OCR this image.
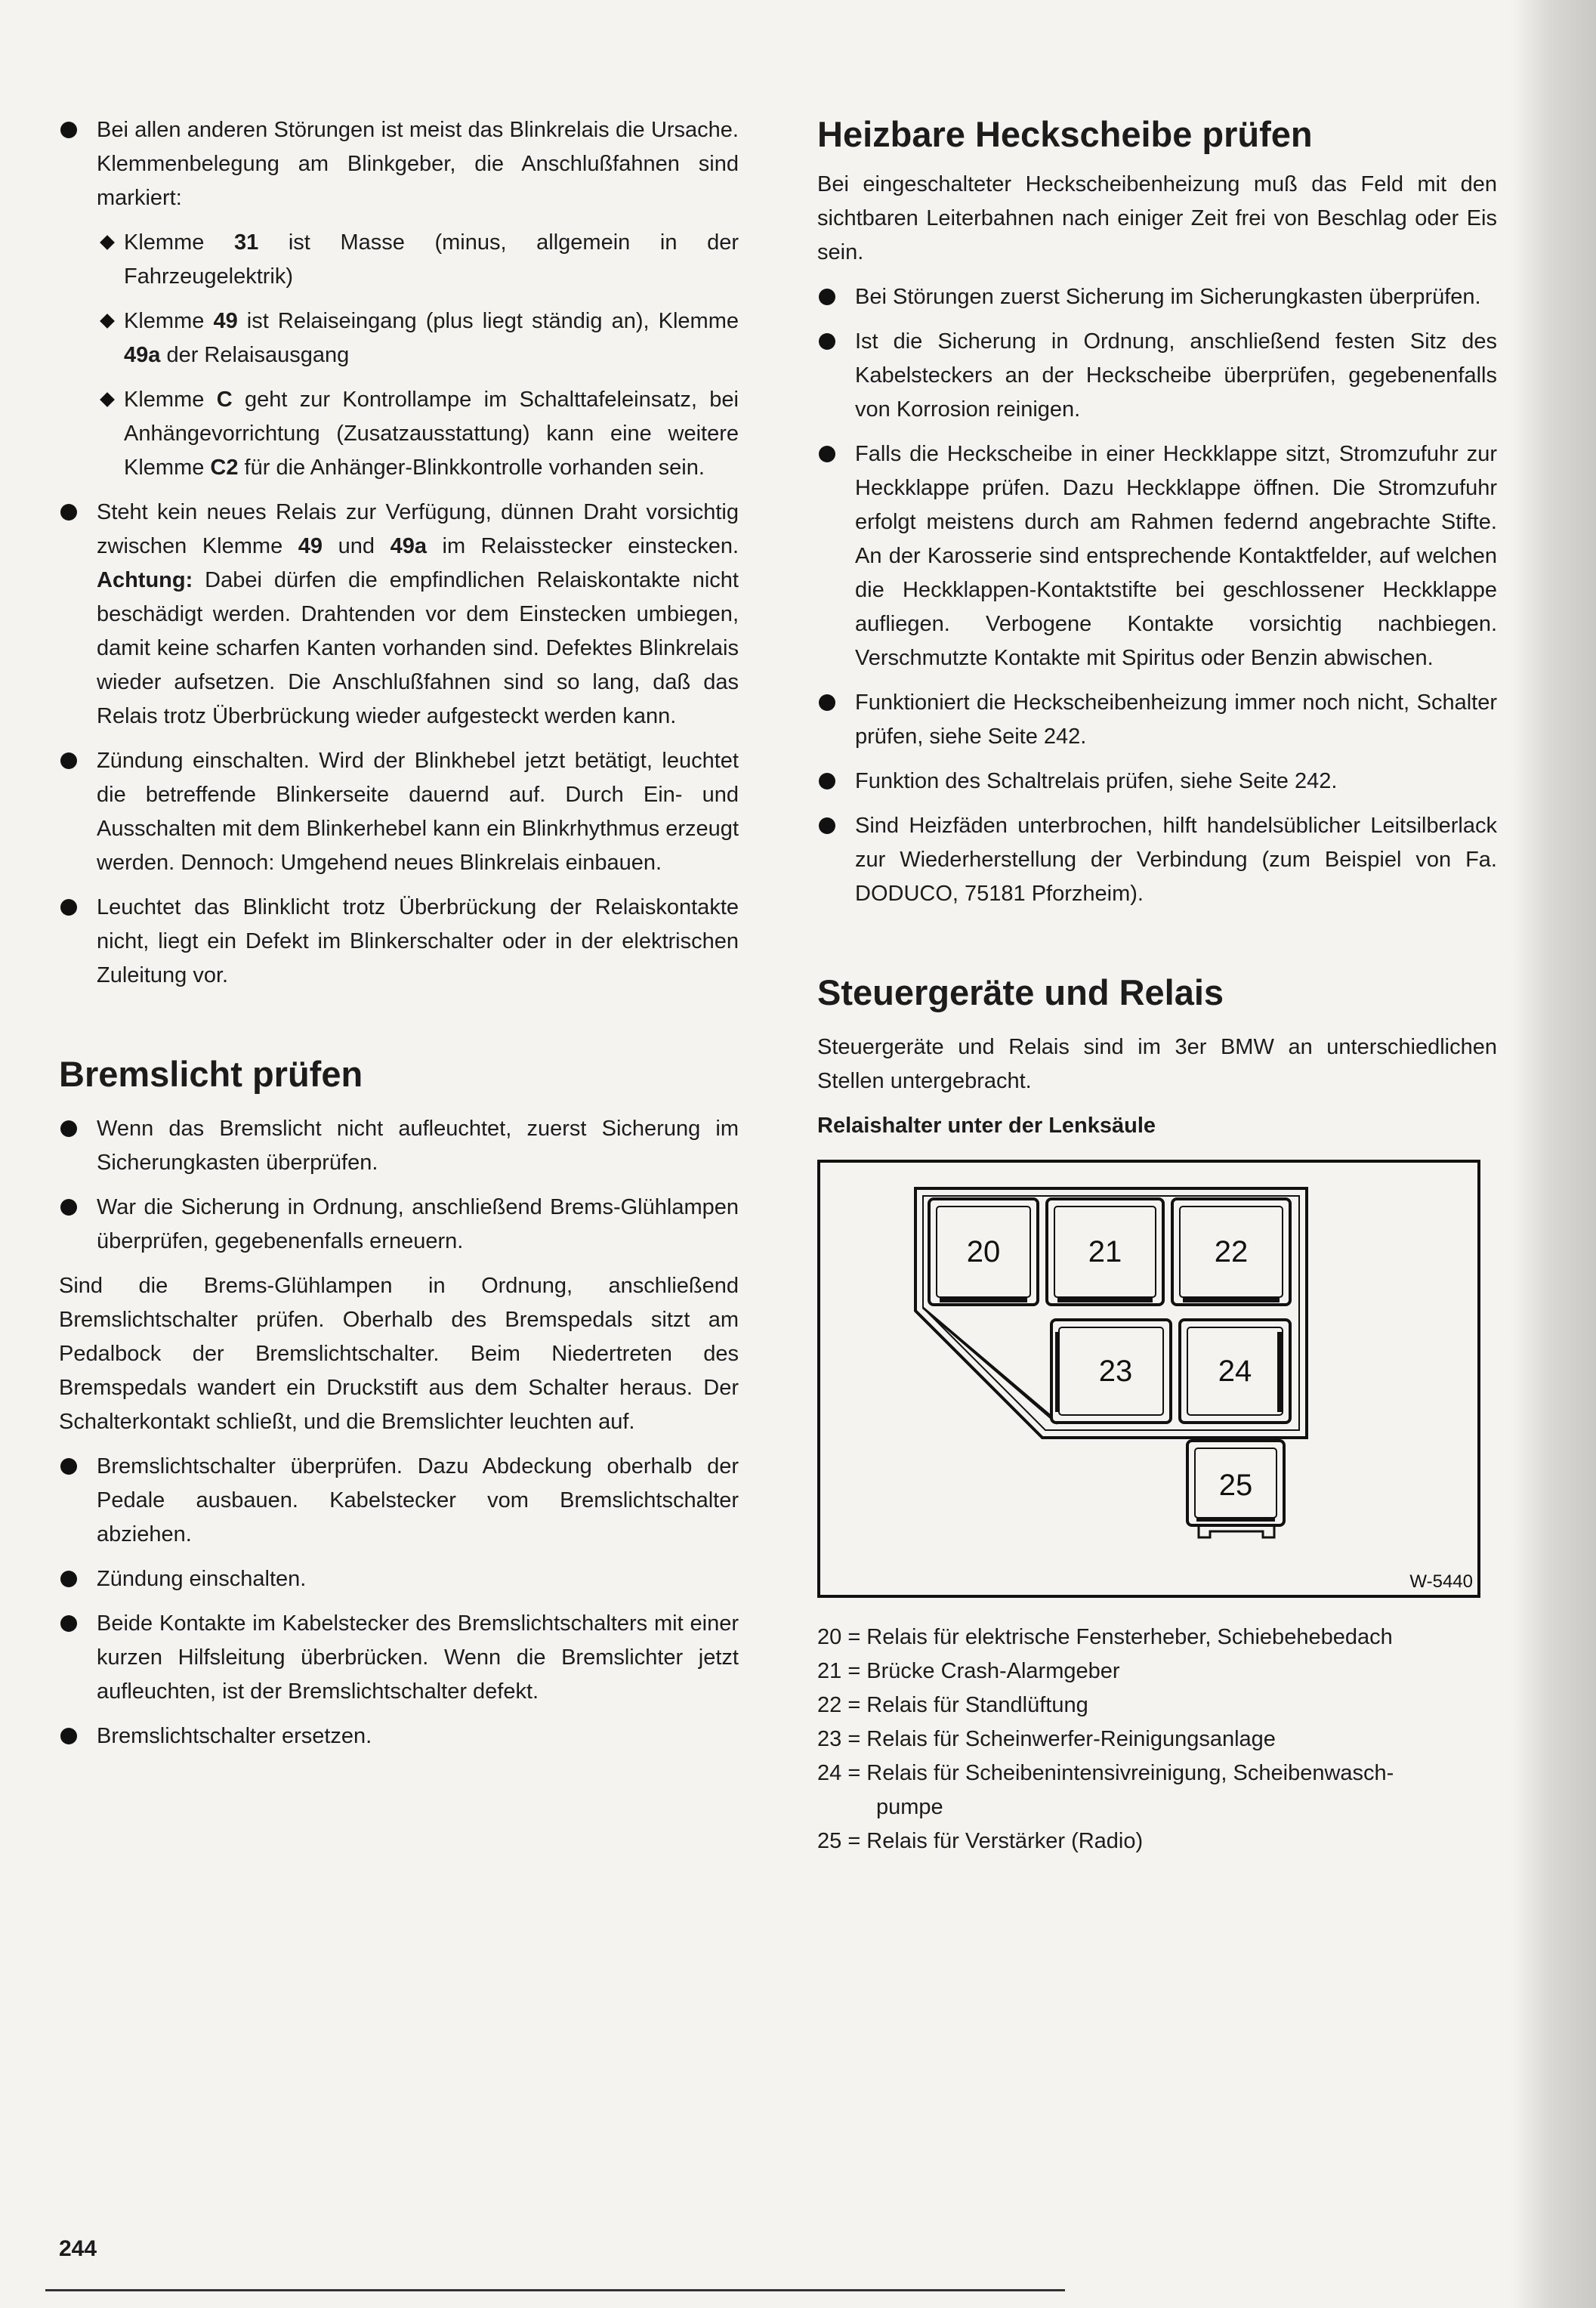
Bei allen anderen Störungen ist meist das Blinkrelais die Ursache. Klemmenbelegung am Blinkgeber, die Anschlußfahnen sind markiert:

Klemme 31 ist Masse (minus, allgemein in der Fahrzeugelektrik)

Klemme 49 ist Relaiseingang (plus liegt ständig an), Klemme 49a der Relaisausgang

Klemme C geht zur Kontrollampe im Schalttafeleinsatz, bei Anhängevorrichtung (Zusatzausstattung) kann eine weitere Klemme C2 für die Anhänger-Blinkkontrolle vorhanden sein.

Steht kein neues Relais zur Verfügung, dünnen Draht vorsichtig zwischen Klemme 49 und 49a im Relaisstecker einstecken. Achtung: Dabei dürfen die empfindlichen Relaiskontakte nicht beschädigt werden. Drahtenden vor dem Einstecken umbiegen, damit keine scharfen Kanten vorhanden sind. Defektes Blinkrelais wieder aufsetzen. Die Anschlußfahnen sind so lang, daß das Relais trotz Überbrückung wieder aufgesteckt werden kann.

Zündung einschalten. Wird der Blinkhebel jetzt betätigt, leuchtet die betreffende Blinkerseite dauernd auf. Durch Ein- und Ausschalten mit dem Blinkerhebel kann ein Blinkrhythmus erzeugt werden. Dennoch: Umgehend neues Blinkrelais einbauen.

Leuchtet das Blinklicht trotz Überbrückung der Relaiskontakte nicht, liegt ein Defekt im Blinkerschalter oder in der elektrischen Zuleitung vor.

Bremslicht prüfen

Wenn das Bremslicht nicht aufleuchtet, zuerst Sicherung im Sicherungkasten überprüfen.

War die Sicherung in Ordnung, anschließend Brems-Glühlampen überprüfen, gegebenenfalls erneuern.

Sind die Brems-Glühlampen in Ordnung, anschließend Bremslichtschalter prüfen. Oberhalb des Bremspedals sitzt am Pedalbock der Bremslichtschalter. Beim Niedertreten des Bremspedals wandert ein Druckstift aus dem Schalter heraus. Der Schalterkontakt schließt, und die Bremslichter leuchten auf.

Bremslichtschalter überprüfen. Dazu Abdeckung oberhalb der Pedale ausbauen. Kabelstecker vom Bremslichtschalter abziehen.

Zündung einschalten.

Beide Kontakte im Kabelstecker des Bremslichtschalters mit einer kurzen Hilfsleitung überbrücken. Wenn die Bremslichter jetzt aufleuchten, ist der Bremslichtschalter defekt.

Bremslichtschalter ersetzen.

Heizbare Heckscheibe prüfen

Bei eingeschalteter Heckscheibenheizung muß das Feld mit den sichtbaren Leiterbahnen nach einiger Zeit frei von Beschlag oder Eis sein.

Bei Störungen zuerst Sicherung im Sicherungkasten überprüfen.

Ist die Sicherung in Ordnung, anschließend festen Sitz des Kabelsteckers an der Heckscheibe überprüfen, gegebenenfalls von Korrosion reinigen.

Falls die Heckscheibe in einer Heckklappe sitzt, Stromzufuhr zur Heckklappe prüfen. Dazu Heckklappe öffnen. Die Stromzufuhr erfolgt meistens durch am Rahmen federnd angebrachte Stifte. An der Karosserie sind entsprechende Kontaktfelder, auf welchen die Heckklappen-Kontaktstifte bei geschlossener Heckklappe aufliegen. Verbogene Kontakte vorsichtig nachbiegen. Verschmutzte Kontakte mit Spiritus oder Benzin abwischen.

Funktioniert die Heckscheibenheizung immer noch nicht, Schalter prüfen, siehe Seite 242.

Funktion des Schaltrelais prüfen, siehe Seite 242.

Sind Heizfäden unterbrochen, hilft handelsüblicher Leitsilberlack zur Wiederherstellung der Verbindung (zum Beispiel von Fa. DODUCO, 75181 Pforzheim).

Steuergeräte und Relais

Steuergeräte und Relais sind im 3er BMW an unterschiedlichen Stellen untergebracht.

Relaishalter unter der Lenksäule

20	21	22
23	24
25
W-5440

20 = Relais für elektrische Fensterheber, Schiebehebedach

21 = Brücke Crash-Alarmgeber

22 = Relais für Standlüftung

23 = Relais für Scheinwerfer-Reinigungsanlage

24 = Relais für Scheibenintensivreinigung, Scheibenwasch-

pumpe

25 = Relais für Verstärker (Radio)

244
